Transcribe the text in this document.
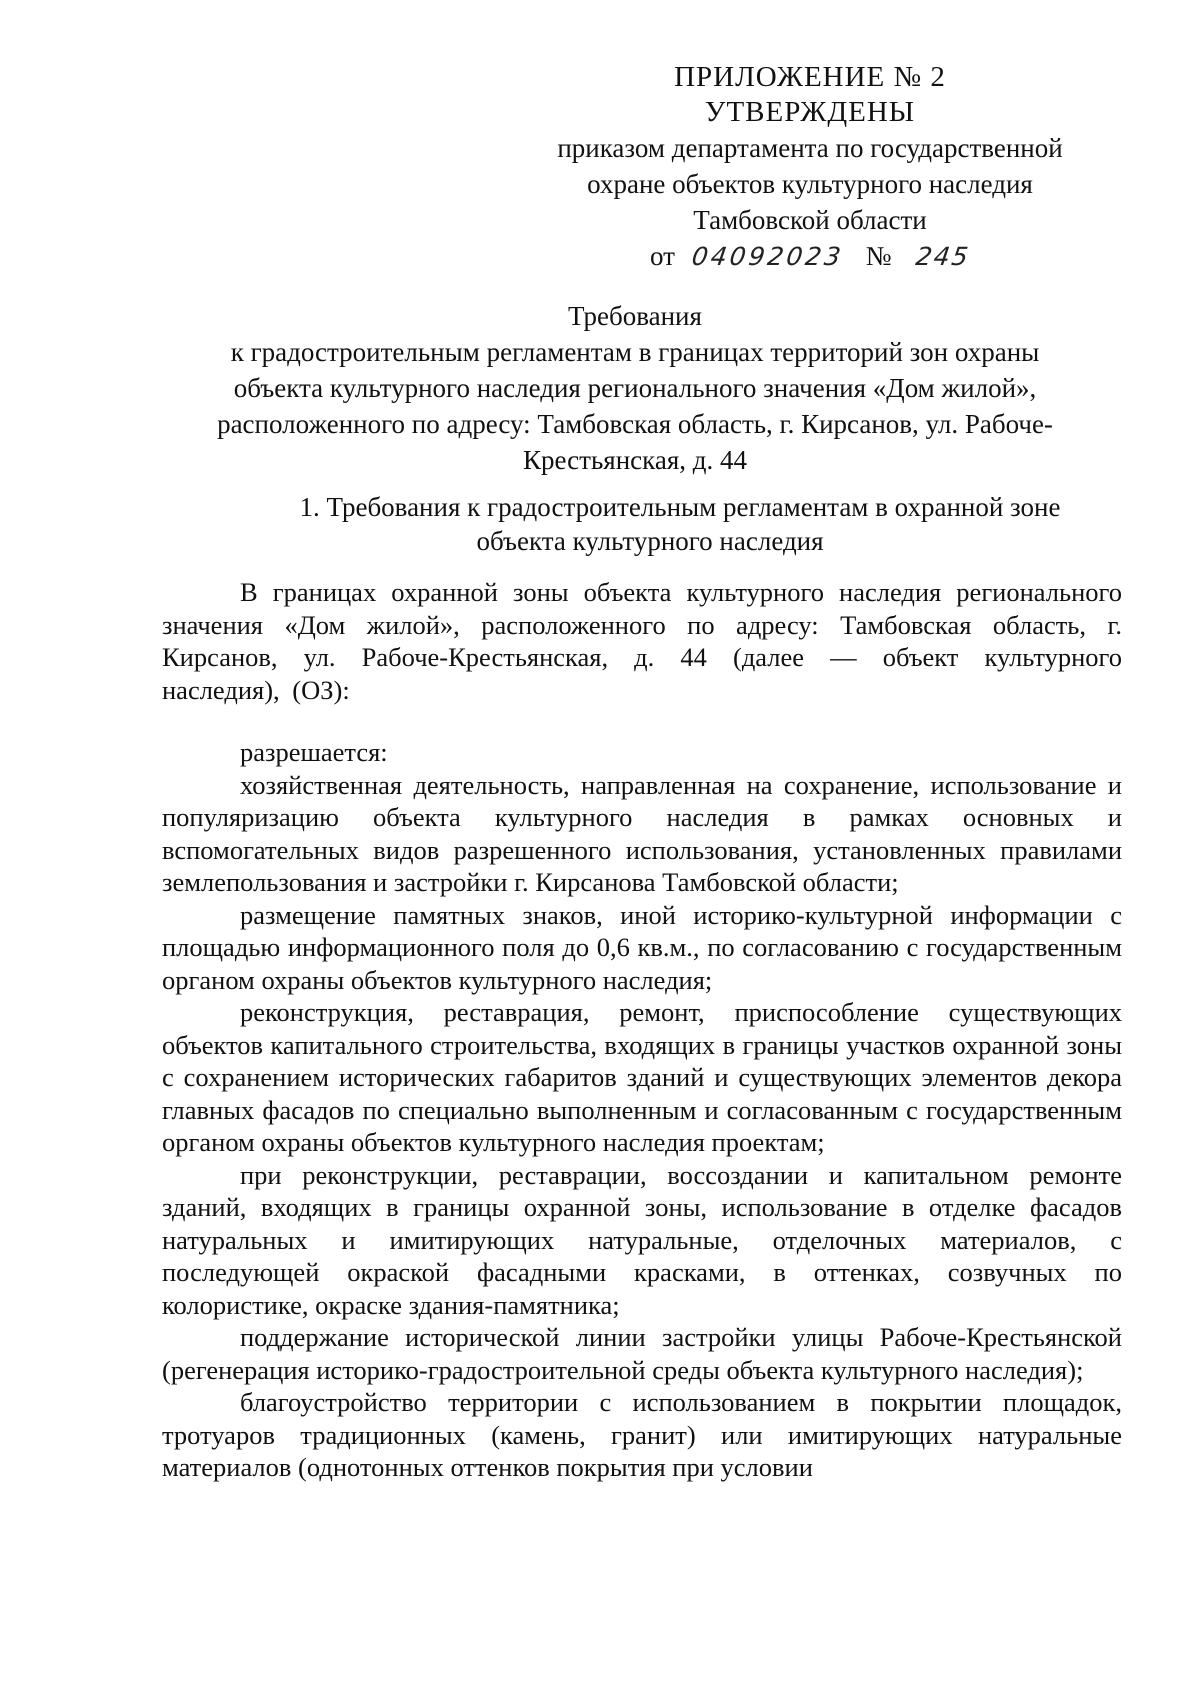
ПРИЛОЖЕНИЕ № 2
УТВЕРЖДЕНЫ
приказом департамента по государственной
охране объектов культурного наследия
Тамбовской области
от 04092023 № 245
Требования
к градостроительным регламентам в границах территорий зон охраны
объекта культурного наследия регионального значения «Дом жилой»,
расположенного по адресу: Тамбовская область, г. Кирсанов, ул. Рабоче-
Крестьянская, д. 44
1. Требования к градостроительным регламентам в охранной зоне
объекта культурного наследия

В границах охранной зоны объекта культурного наследия регионального значения «Дом жилой», расположенного по адресу: Тамбовская область, г. Кирсанов, ул. Рабоче-Крестьянская, д. 44 (далее — объект культурного наследия), (ОЗ):

разрешается:

хозяйственная деятельность, направленная на сохранение, использование и популяризацию объекта культурного наследия в рамках основных и вспомогательных видов разрешенного использования, установленных правилами землепользования и застройки г. Кирсанова Тамбовской области;

размещение памятных знаков, иной историко-культурной информации с площадью информационного поля до 0,6 кв.м., по согласованию с государственным органом охраны объектов культурного наследия;

реконструкция, реставрация, ремонт, приспособление существующих объектов капитального строительства, входящих в границы участков охранной зоны с сохранением исторических габаритов зданий и существующих элементов декора главных фасадов по специально выполненным и согласованным с государственным органом охраны объектов культурного наследия проектам;

при реконструкции, реставрации, воссоздании и капитальном ремонте зданий, входящих в границы охранной зоны, использование в отделке фасадов натуральных и имитирующих натуральные, отделочных материалов, с последующей окраской фасадными красками, в оттенках, созвучных по колористике, окраске здания-памятника;

поддержание исторической линии застройки улицы Рабоче-Крестьянской (регенерация историко-градостроительной среды объекта культурного наследия);

благоустройство территории с использованием в покрытии площадок, тротуаров традиционных (камень, гранит) или имитирующих натуральные материалов (однотонных оттенков покрытия при условии
